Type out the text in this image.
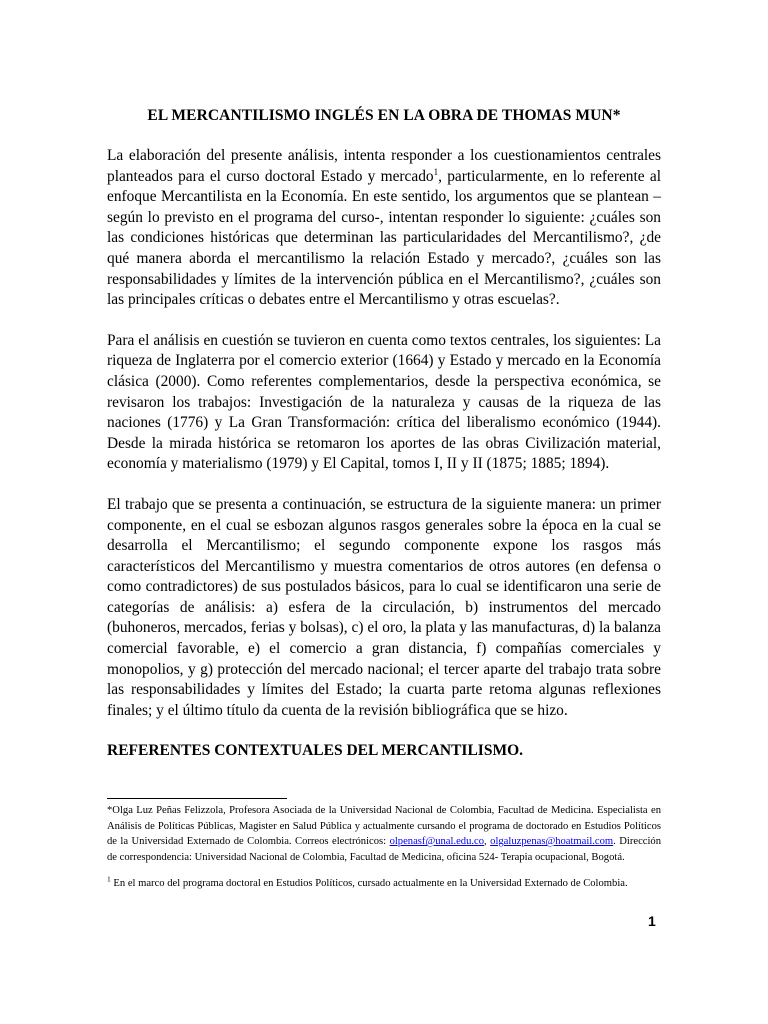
EL MERCANTILISMO INGLÉS EN LA OBRA DE THOMAS MUN*

La elaboración del presente análisis, intenta responder a los cuestionamientos centrales planteados para el curso doctoral Estado y mercado$^1$, particularmente, en lo referente al enfoque Mercantilista en la Economía. En este sentido, los argumentos que se plantean –según lo previsto en el programa del curso-, intentan responder lo siguiente: ¿cuáles son las condiciones históricas que determinan las particularidades del Mercantilismo?, ¿de qué manera aborda el mercantilismo la relación Estado y mercado?, ¿cuáles son las responsabilidades y límites de la intervención pública en el Mercantilismo?, ¿cuáles son las principales críticas o debates entre el Mercantilismo y otras escuelas?.

Para el análisis en cuestión se tuvieron en cuenta como textos centrales, los siguientes: La riqueza de Inglaterra por el comercio exterior (1664) y Estado y mercado en la Economía clásica (2000). Como referentes complementarios, desde la perspectiva económica, se revisaron los trabajos: Investigación de la naturaleza y causas de la riqueza de las naciones (1776) y La Gran Transformación: crítica del liberalismo económico (1944). Desde la mirada histórica se retomaron los aportes de las obras Civilización material, economía y materialismo (1979) y El Capital, tomos I, II y II (1875; 1885; 1894).

El trabajo que se presenta a continuación, se estructura de la siguiente manera: un primer componente, en el cual se esbozan algunos rasgos generales sobre la época en la cual se desarrolla el Mercantilismo; el segundo componente expone los rasgos más característicos del Mercantilismo y muestra comentarios de otros autores (en defensa o como contradictores) de sus postulados básicos, para lo cual se identificaron una serie de categorías de análisis: a) esfera de la circulación, b) instrumentos del mercado (buhoneros, mercados, ferias y bolsas), c) el oro, la plata y las manufacturas, d) la balanza comercial favorable, e) el comercio a gran distancia, f) compañías comerciales y monopolios, y g) protección del mercado nacional; el tercer aparte del trabajo trata sobre las responsabilidades y límites del Estado; la cuarta parte retoma algunas reflexiones finales; y el último título da cuenta de la revisión bibliográfica que se hizo.

REFERENTES CONTEXTUALES DEL MERCANTILISMO.

*Olga Luz Peñas Felizzola, Profesora Asociada de la Universidad Nacional de Colombia, Facultad de Medicina. Especialista en Análisis de Políticas Públicas, Magister en Salud Pública y actualmente cursando el programa de doctorado en Estudios Políticos de la Universidad Externado de Colombia. Correos electrónicos: olpenasf@unal.edu.co, olgaluzpenas@hoatmail.com. Dirección de correspondencia: Universidad Nacional de Colombia, Facultad de Medicina, oficina 524- Terapia ocupacional, Bogotá.

$^1$ En el marco del programa doctoral en Estudios Políticos, cursado actualmente en la Universidad Externado de Colombia.

1
